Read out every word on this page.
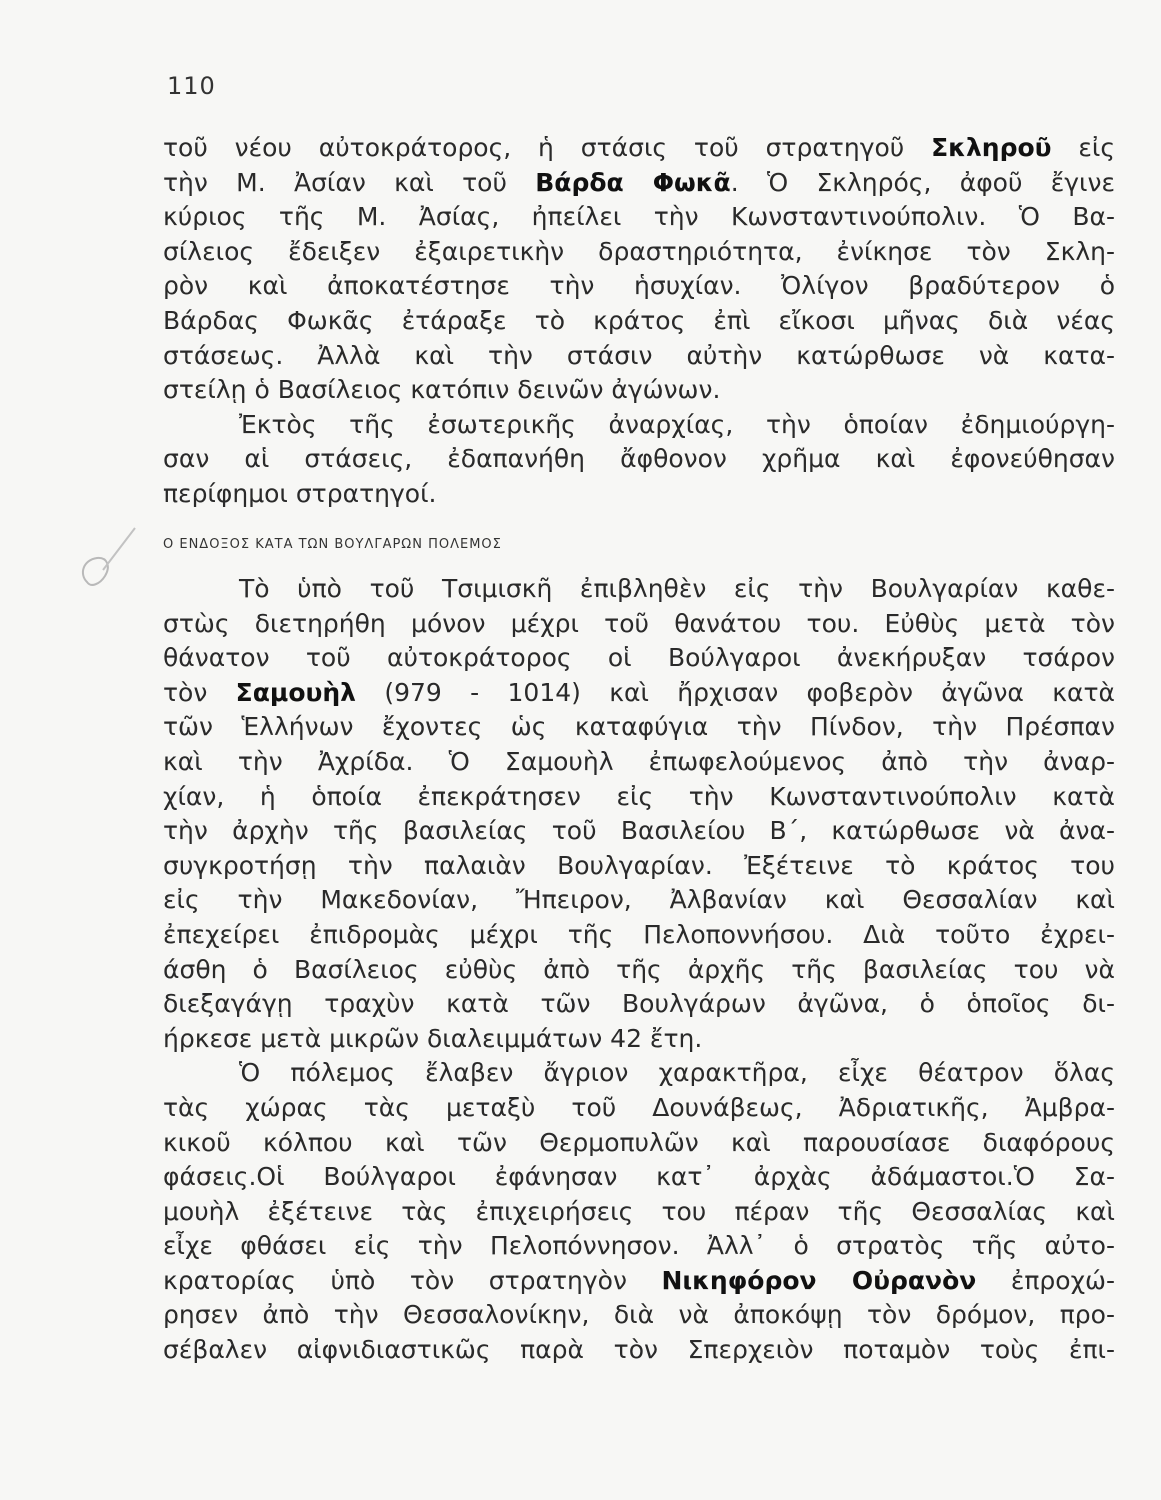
110
τοῦ νέου αὐτοκράτορος, ἡ στάσις τοῦ στρατηγοῦ Σκληροῦ εἰς
τὴν Μ. Ἀσίαν καὶ τοῦ Βάρδα Φωκᾶ. Ὁ Σκληρός, ἀφοῦ ἔγινε
κύριος τῆς Μ. Ἀσίας, ἠπείλει τὴν Κωνσταντινούπολιν. Ὁ Βα-
σίλειος ἔδειξεν ἐξαιρετικὴν δραστηριότητα, ἐνίκησε τὸν Σκλη-
ρὸν καὶ ἀποκατέστησε τὴν ἡσυχίαν. Ὀλίγον βραδύτερον ὁ
Βάρδας Φωκᾶς ἐτάραξε τὸ κράτος ἐπὶ εἴκοσι μῆνας διὰ νέας
στάσεως. Ἀλλὰ καὶ τὴν στάσιν αὐτὴν κατώρθωσε νὰ κατα-
στείλῃ ὁ Βασίλειος κατόπιν δεινῶν ἀγώνων.
Ἐκτὸς τῆς ἐσωτερικῆς ἀναρχίας, τὴν ὁποίαν ἐδημιούργη-
σαν αἱ στάσεις, ἐδαπανήθη ἄφθονον χρῆμα καὶ ἐφονεύθησαν
περίφημοι στρατηγοί.
Ο ΕΝΔΟΞΟΣ ΚΑΤΑ ΤΩΝ ΒΟΥΛΓΑΡΩΝ ΠΟΛΕΜΟΣ
Τὸ ὑπὸ τοῦ Τσιμισκῆ ἐπιβληθὲν εἰς τὴν Βουλγαρίαν καθε-
στὼς διετηρήθη μόνον μέχρι τοῦ θανάτου του. Εὐθὺς μετὰ τὸν
θάνατον τοῦ αὐτοκράτορος οἱ Βούλγαροι ἀνεκήρυξαν τσάρον
τὸν Σαμουὴλ (979 - 1014) καὶ ἤρχισαν φοβερὸν ἀγῶνα κατὰ
τῶν Ἑλλήνων ἔχοντες ὡς καταφύγια τὴν Πίνδον, τὴν Πρέσπαν
καὶ τὴν Ἀχρίδα. Ὁ Σαμουὴλ ἐπωφελούμενος ἀπὸ τὴν ἀναρ-
χίαν, ἡ ὁποία ἐπεκράτησεν εἰς τὴν Κωνσταντινούπολιν κατὰ
τὴν ἀρχὴν τῆς βασιλείας τοῦ Βασιλείου Β΄, κατώρθωσε νὰ ἀνα-
συγκροτήσῃ τὴν παλαιὰν Βουλγαρίαν. Ἐξέτεινε τὸ κράτος του
εἰς τὴν Μακεδονίαν, Ἤπειρον, Ἀλβανίαν καὶ Θεσσαλίαν καὶ
ἐπεχείρει ἐπιδρομὰς μέχρι τῆς Πελοποννήσου. Διὰ τοῦτο ἐχρει-
άσθη ὁ Βασίλειος εὐθὺς ἀπὸ τῆς ἀρχῆς τῆς βασιλείας του νὰ
διεξαγάγῃ τραχὺν κατὰ τῶν Βουλγάρων ἀγῶνα, ὁ ὁποῖος δι-
ήρκεσε μετὰ μικρῶν διαλειμμάτων 42 ἔτη.
Ὁ πόλεμος ἔλαβεν ἄγριον χαρακτῆρα, εἶχε θέατρον ὅλας
τὰς χώρας τὰς μεταξὺ τοῦ Δουνάβεως, Ἀδριατικῆς, Ἀμβρα-
κικοῦ κόλπου καὶ τῶν Θερμοπυλῶν καὶ παρουσίασε διαφόρους
φάσεις.Οἱ Βούλγαροι ἐφάνησαν κατ᾽ ἀρχὰς ἀδάμαστοι.Ὁ Σα-
μουὴλ ἐξέτεινε τὰς ἐπιχειρήσεις του πέραν τῆς Θεσσαλίας καὶ
εἶχε φθάσει εἰς τὴν Πελοπόννησον. Ἀλλ᾽ ὁ στρατὸς τῆς αὐτο-
κρατορίας ὑπὸ τὸν στρατηγὸν Νικηφόρον Οὐρανὸν ἐπροχώ-
ρησεν ἀπὸ τὴν Θεσσαλονίκην, διὰ νὰ ἀποκόψῃ τὸν δρόμον, προ-
σέβαλεν αἰφνιδιαστικῶς παρὰ τὸν Σπερχειὸν ποταμὸν τοὺς ἐπι-
